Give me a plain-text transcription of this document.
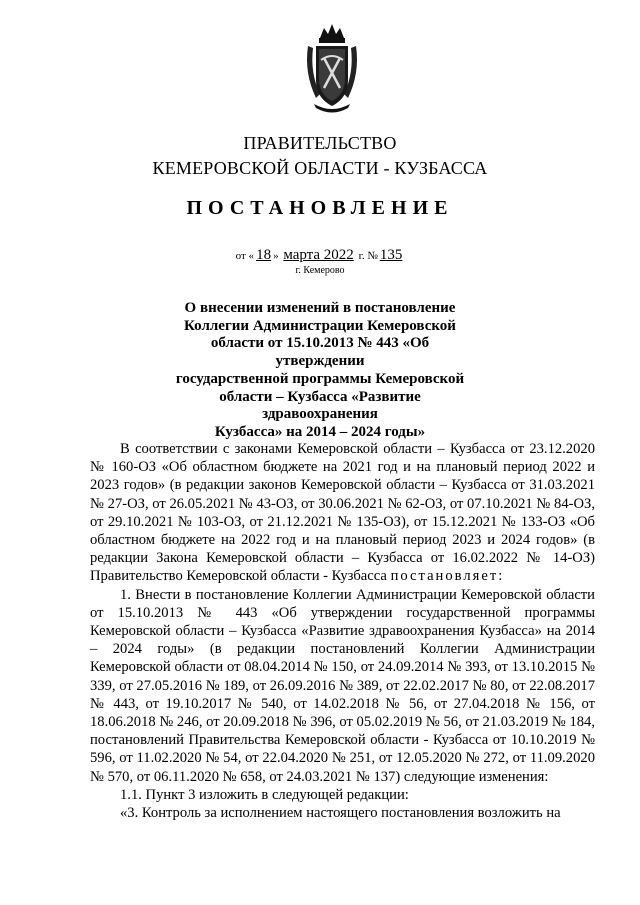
ПРАВИТЕЛЬСТВО
КЕМЕРОВСКОЙ ОБЛАСТИ - КУЗБАССА
ПОСТАНОВЛЕНИЕ
от « 18 » марта 2022 г. № 135
г. Кемерово
О внесении изменений в постановление
Коллегии Администрации Кемеровской
области от 15.10.2013 № 443 «Об утверждении
государственной программы Кемеровской
области – Кузбасса «Развитие здравоохранения
Кузбасса» на 2014 – 2024 годы»

В соответствии с законами Кемеровской области – Кузбасса от 23.12.2020 № 160-ОЗ «Об областном бюджете на 2021 год и на плановый период 2022 и 2023 годов» (в редакции законов Кемеровской области – Кузбасса от 31.03.2021 № 27-ОЗ, от 26.05.2021 № 43-ОЗ, от 30.06.2021 № 62-ОЗ, от 07.10.2021 № 84-ОЗ, от 29.10.2021 № 103-ОЗ, от 21.12.2021 № 135-ОЗ), от 15.12.2021 № 133-ОЗ «Об областном бюджете на 2022 год и на плановый период 2023 и 2024 годов» (в редакции Закона Кемеровской области – Кузбасса от 16.02.2022 № 14-ОЗ) Правительство Кемеровской области - Кузбасса постановляет:

1. Внести в постановление Коллегии Администрации Кемеровской области от 15.10.2013 № 443 «Об утверждении государственной программы Кемеровской области – Кузбасса «Развитие здравоохранения Кузбасса» на 2014 – 2024 годы» (в редакции постановлений Коллегии Администрации Кемеровской области от 08.04.2014 № 150, от 24.09.2014 № 393, от 13.10.2015 № 339, от 27.05.2016 № 189, от 26.09.2016 № 389, от 22.02.2017 № 80, от 22.08.2017 № 443, от 19.10.2017 № 540, от 14.02.2018 № 56, от 27.04.2018 № 156, от 18.06.2018 № 246, от 20.09.2018 № 396, от 05.02.2019 № 56, от 21.03.2019 № 184, постановлений Правительства Кемеровской области - Кузбасса от 10.10.2019 № 596, от 11.02.2020 № 54, от 22.04.2020 № 251, от 12.05.2020 № 272, от 11.09.2020 № 570, от 06.11.2020 № 658, от 24.03.2021 № 137) следующие изменения:

1.1. Пункт 3 изложить в следующей редакции:

«3. Контроль за исполнением настоящего постановления возложить на
